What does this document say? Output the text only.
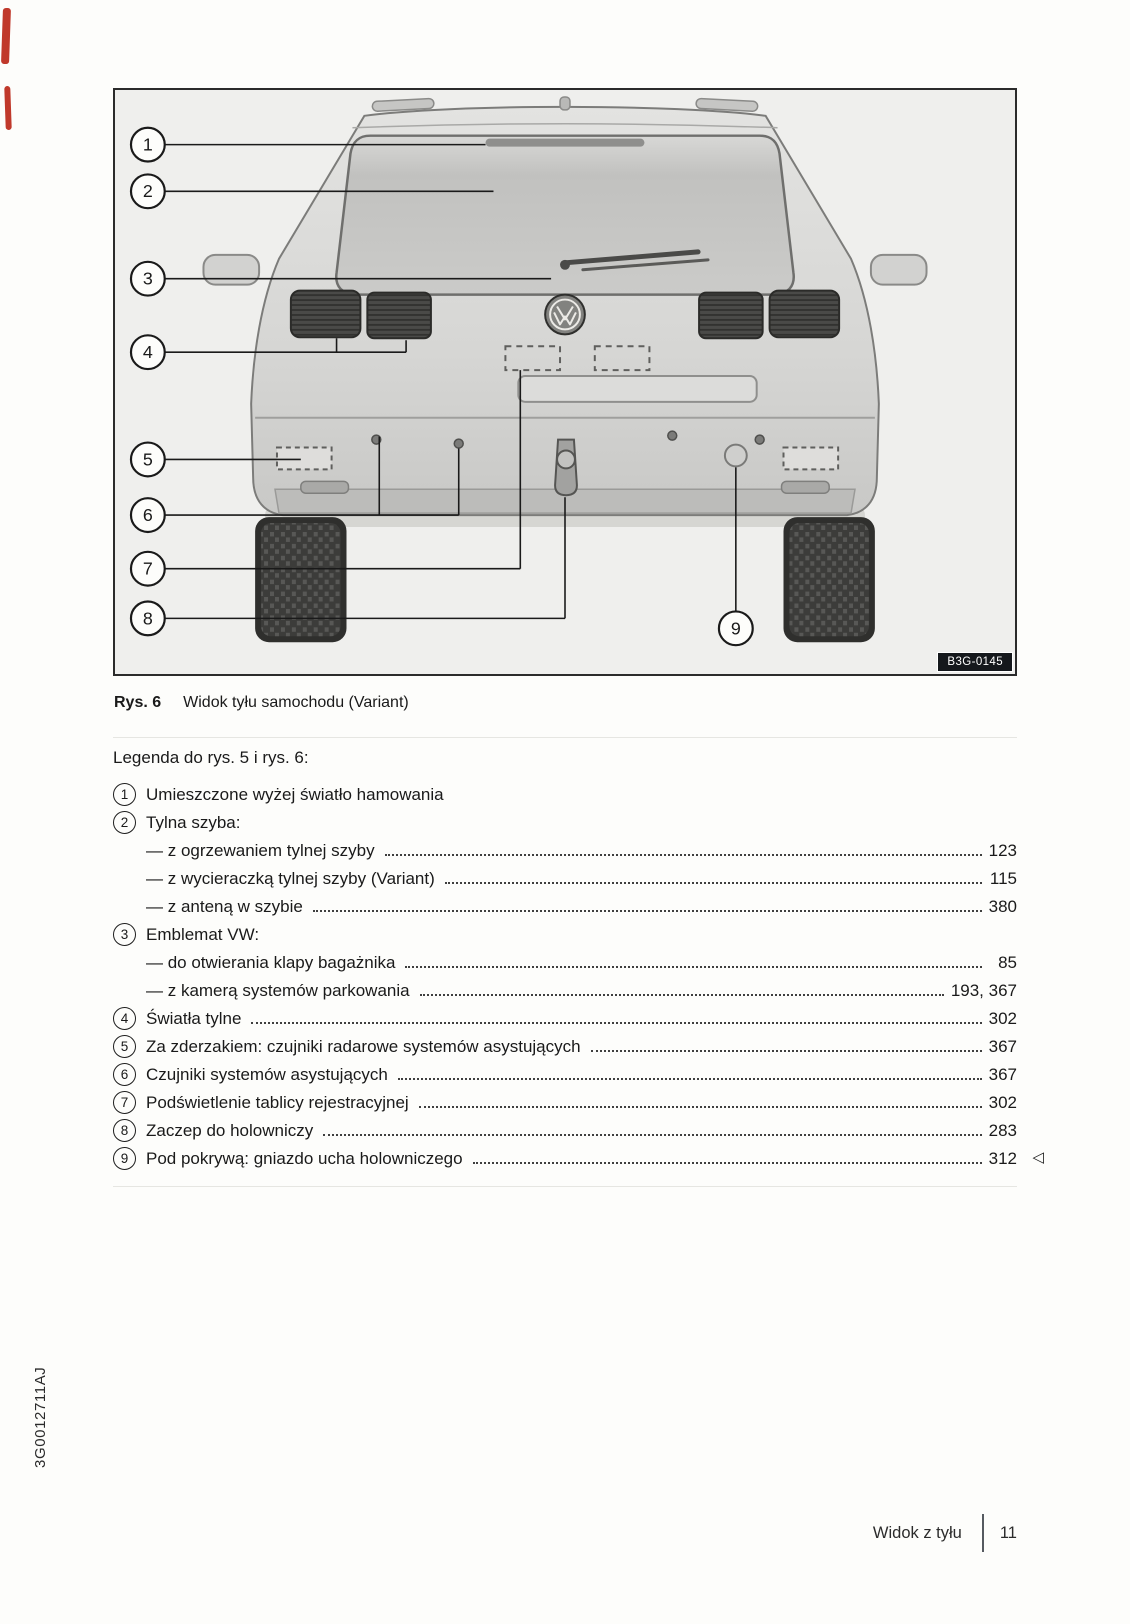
1
2
3
4
5
6
7
8	9
B3G-0145
Rys. 6 Widok tyłu samochodu (Variant)

Legenda do rys. 5 i rys. 6:

1	Umieszczone wyżej światło hamowania
2	Tylna szyba:
— z ogrzewaniem tylnej szyby	123
— z wycieraczką tylnej szyby (Variant)	115
— z anteną w szybie	380
3	Emblemat VW:
— do otwierania klapy bagażnika	85
— z kamerą systemów parkowania	193, 367
4	Światła tylne	302
5	Za zderzakiem: czujniki radarowe systemów asystujących	367
6	Czujniki systemów asystujących	367
7	Podświetlenie tablicy rejestracyjnej	302
8	Zaczep do holowniczy	283
9	Pod pokrywą: gniazdo ucha holowniczego	312 ◁
3G0012711AJ
Widok z tyłu 11
